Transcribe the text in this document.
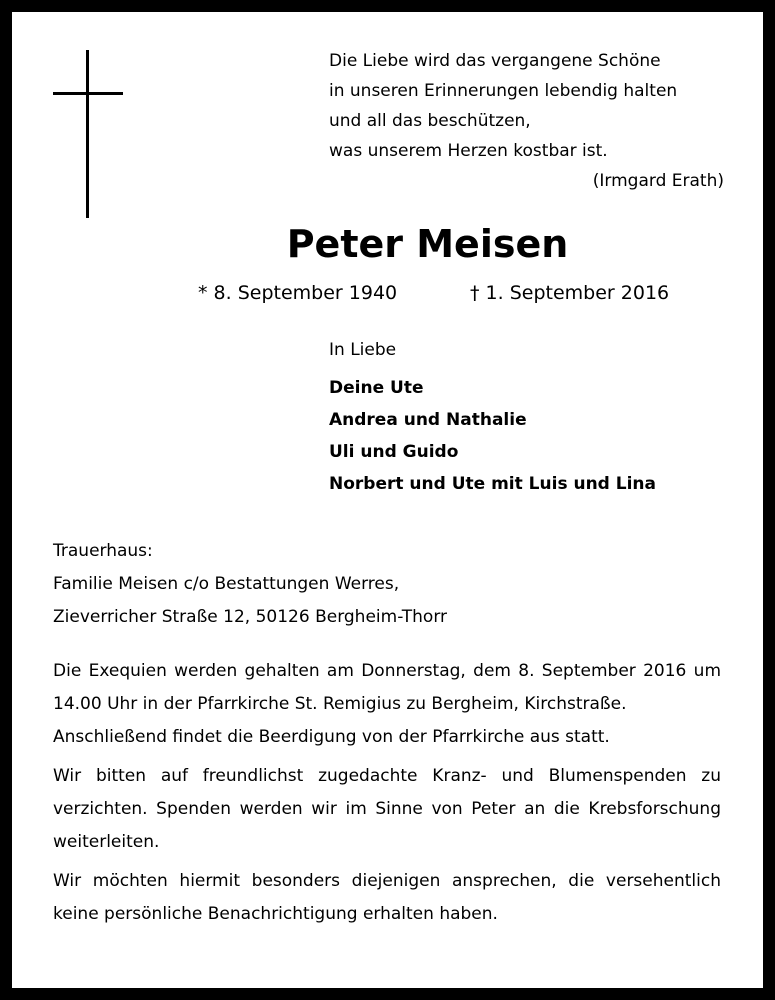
Die Liebe wird das vergangene Schöne
in unseren Erinnerungen lebendig halten
und all das beschützen,
was unserem Herzen kostbar ist.
(Irmgard Erath)
Peter Meisen
* 8. September 1940	† 1. September 2016
In Liebe
Deine Ute
Andrea und Nathalie
Uli und Guido
Norbert und Ute mit Luis und Lina
Trauerhaus:
Familie Meisen c/o Bestattungen Werres,
Zieverricher Straße 12, 50126 Bergheim-Thorr

Die Exequien werden gehalten am Donnerstag, dem 8. September 2016 um 14.00 Uhr in der Pfarrkirche St. Remigius zu Bergheim, Kirchstraße.

Anschließend findet die Beerdigung von der Pfarrkirche aus statt.

Wir bitten auf freundlichst zugedachte Kranz- und Blumenspenden zu verzichten. Spenden werden wir im Sinne von Peter an die Krebsforschung weiterleiten.

Wir möchten hiermit besonders diejenigen ansprechen, die versehentlich keine persönliche Benachrichtigung erhalten haben.
